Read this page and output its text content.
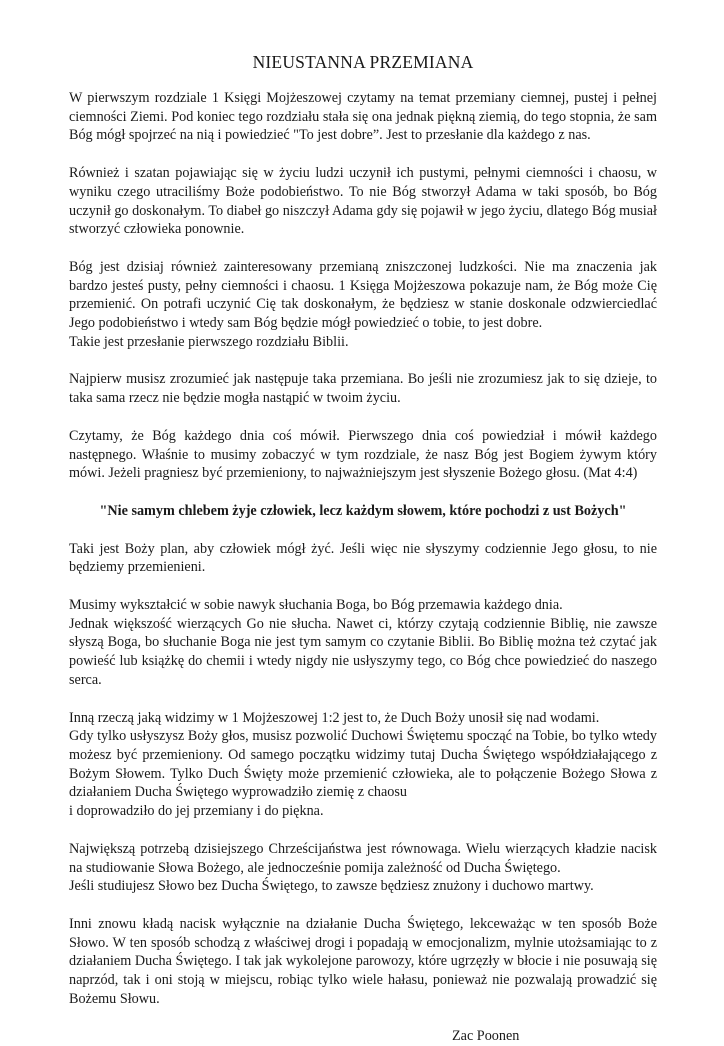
NIEUSTANNA PRZEMIANA
W pierwszym rozdziale 1 Księgi Mojżeszowej czytamy na temat przemiany ciemnej, pustej i pełnej ciemności Ziemi. Pod koniec tego rozdziału stała się ona jednak piękną ziemią, do tego stopnia, że sam Bóg mógł spojrzeć na nią i powiedzieć "To jest dobre”. Jest to przesłanie dla każdego z nas.
Również i szatan pojawiając się w życiu ludzi uczynił ich pustymi, pełnymi ciemności i chaosu, w wyniku czego utraciliśmy Boże podobieństwo. To nie Bóg stworzył Adama w taki sposób, bo Bóg uczynił go doskonałym. To diabeł go niszczył Adama gdy się pojawił w jego życiu, dlatego Bóg musiał stworzyć człowieka ponownie.
Bóg jest dzisiaj również zainteresowany przemianą zniszczonej ludzkości. Nie ma znaczenia jak bardzo jesteś pusty, pełny ciemności i chaosu. 1 Księga Mojżeszowa pokazuje nam, że Bóg może Cię przemienić. On potrafi uczynić Cię tak doskonałym, że będziesz w stanie doskonale odzwierciedlać Jego podobieństwo i wtedy sam Bóg będzie mógł powiedzieć o tobie, to jest dobre.
Takie jest przesłanie pierwszego rozdziału Biblii.
Najpierw musisz zrozumieć jak następuje taka przemiana. Bo jeśli nie zrozumiesz jak to się dzieje, to taka sama rzecz nie będzie mogła nastąpić w twoim życiu.
Czytamy, że Bóg każdego dnia coś mówił. Pierwszego dnia coś powiedział i mówił każdego następnego. Właśnie to musimy zobaczyć w tym rozdziale, że nasz Bóg jest Bogiem żywym który mówi. Jeżeli pragniesz być przemieniony, to najważniejszym jest słyszenie Bożego głosu. (Mat 4:4)
"Nie samym chlebem żyje człowiek, lecz każdym słowem, które pochodzi z ust Bożych"
Taki jest Boży plan, aby człowiek mógł żyć. Jeśli więc nie słyszymy codziennie Jego głosu, to nie będziemy przemienieni.
Musimy wykształcić w sobie nawyk słuchania Boga, bo Bóg przemawia każdego dnia.
Jednak większość wierzących Go nie słucha. Nawet ci, którzy czytają codziennie Biblię, nie zawsze słyszą Boga, bo słuchanie Boga nie jest tym samym co czytanie Biblii. Bo Biblię można też czytać jak powieść lub książkę do chemii i wtedy nigdy nie usłyszymy tego, co Bóg chce powiedzieć do naszego serca.
Inną rzeczą jaką widzimy w 1 Mojżeszowej 1:2 jest to, że Duch Boży unosił się nad wodami.
Gdy tylko usłyszysz Boży głos, musisz pozwolić Duchowi Świętemu spocząć na Tobie, bo tylko wtedy możesz być przemieniony. Od samego początku widzimy tutaj Ducha Świętego współdziałającego z Bożym Słowem. Tylko Duch Święty może przemienić człowieka, ale to połączenie Bożego Słowa z działaniem Ducha Świętego wyprowadziło ziemię z chaosu
i doprowadziło do jej przemiany i do piękna.
Największą potrzebą dzisiejszego Chrześcijaństwa jest równowaga. Wielu wierzących kładzie nacisk na studiowanie Słowa Bożego, ale jednocześnie pomija zależność od Ducha Świętego.
Jeśli studiujesz Słowo bez Ducha Świętego, to zawsze będziesz znużony i duchowo martwy.
Inni znowu kładą nacisk wyłącznie na działanie Ducha Świętego, lekceważąc w ten sposób Boże Słowo. W ten sposób schodzą z właściwej drogi i popadają w emocjonalizm, mylnie utożsamiając to z działaniem Ducha Świętego. I tak jak wykolejone parowozy, które ugrzęzły w błocie i nie posuwają się naprzód, tak i oni stoją w miejscu, robiąc tylko wiele hałasu, ponieważ nie pozwalają prowadzić się Bożemu Słowu.
Zac Poonen
